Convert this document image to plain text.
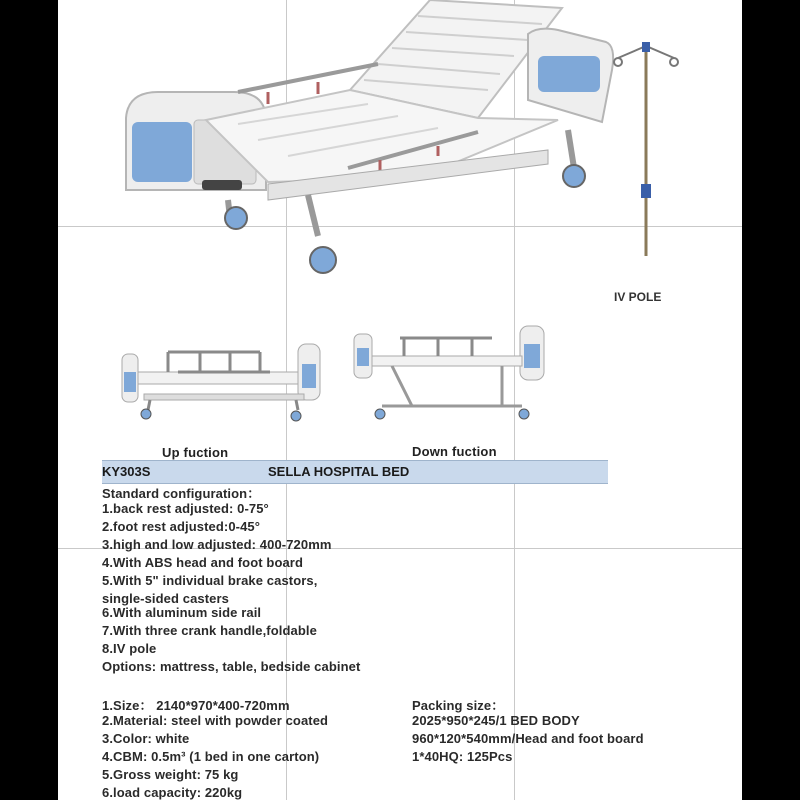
IV POLE
Up fuction	Down fuction
KY303S	SELLA HOSPITAL BED
Standard configuration：
1.back rest adjusted: 0-75°
2.foot rest adjusted:0-45°
3.high and low adjusted: 400-720mm
4.With ABS head and foot board
5.With 5" individual brake castors,
single-sided casters
6.With aluminum side rail
7.With three crank handle,foldable
8.IV pole
Options: mattress, table, bedside cabinet
1.Size： 2140*970*400-720mm
2.Material: steel with powder coated
3.Color: white
4.CBM: 0.5m³ (1 bed in one carton)
5.Gross weight: 75 kg
6.load capacity: 220kg
Packing size：
2025*950*245/1 BED BODY
960*120*540mm/Head and foot board
1*40HQ: 125Pcs
